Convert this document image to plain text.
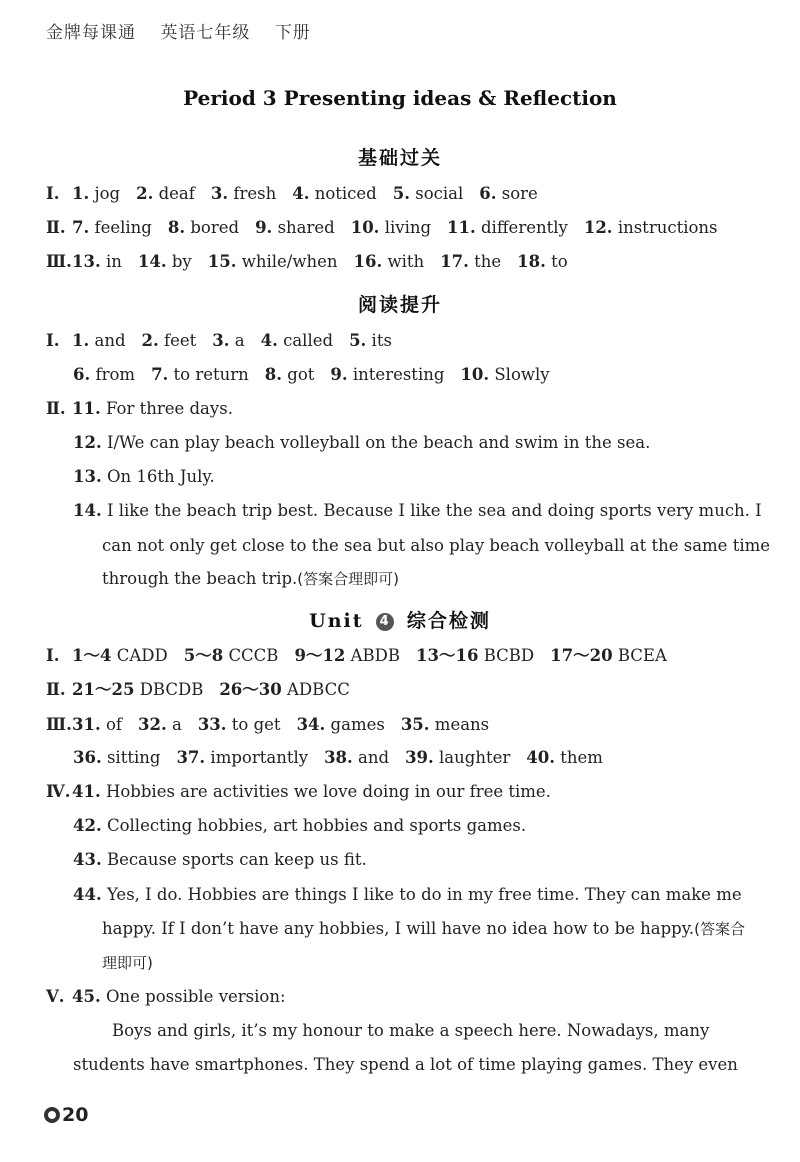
金牌每课通 英语七年级 下册
Period 3 Presenting ideas & Reflection
基础过关
Ⅰ. 1. jog 2. deaf 3. fresh 4. noticed 5. social 6. sore
Ⅱ. 7. feeling 8. bored 9. shared 10. living 11. differently 12. instructions
Ⅲ.13. in 14. by 15. while/when 16. with 17. the 18. to
阅读提升
Ⅰ. 1. and 2. feet 3. a 4. called 5. its
6. from 7. to return 8. got 9. interesting 10. Slowly
Ⅱ. 11. For three days.
12. I/We can play beach volleyball on the beach and swim in the sea.
13. On 16th July.
14. I like the beach trip best. Because I like the sea and doing sports very much. I
can not only get close to the sea but also play beach volleyball at the same time
through the beach trip.(答案合理即可)
Unit 4 综合检测
Ⅰ. 1～4 CADD 5～8 CCCB 9～12 ABDB 13～16 BCBD 17～20 BCEA
Ⅱ. 21～25 DBCDB 26～30 ADBCC
Ⅲ.31. of 32. a 33. to get 34. games 35. means
36. sitting 37. importantly 38. and 39. laughter 40. them
Ⅳ.41. Hobbies are activities we love doing in our free time.
42. Collecting hobbies, art hobbies and sports games.
43. Because sports can keep us fit.
44. Yes, I do. Hobbies are things I like to do in my free time. They can make me
happy. If I don’t have any hobbies, I will have no idea how to be happy.(答案合
理即可)
Ⅴ. 45. One possible version:
Boys and girls, it’s my honour to make a speech here. Nowadays, many
students have smartphones. They spend a lot of time playing games. They even
20
